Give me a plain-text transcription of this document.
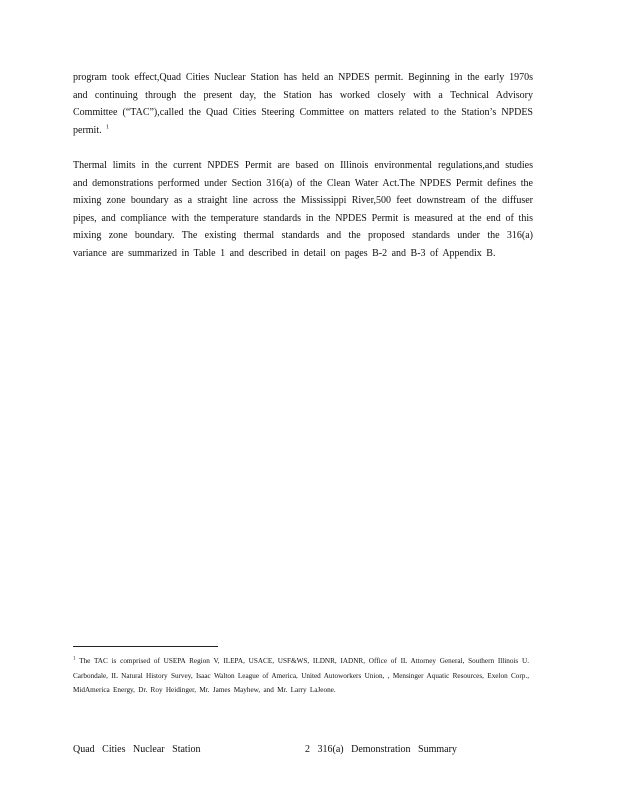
program took effect,Quad Cities Nuclear Station has held an NPDES permit. Beginning in the early 1970s and continuing through the present day, the Station has worked closely with a Technical Advisory Committee (“TAC”),called the Quad Cities Steering Committee on matters related to the Station’s NPDES permit. $^1$

Thermal limits in the current NPDES Permit are based on Illinois environmental regulations,and studies and demonstrations performed under Section 316(a) of the Clean Water Act.The NPDES Permit defines the mixing zone boundary as a straight line across the Mississippi River,500 feet downstream of the diffuser pipes, and compliance with the temperature standards in the NPDES Permit is measured at the end of this mixing zone boundary. The existing thermal standards and the proposed standards under the 316(a) variance are summarized in Table 1 and described in detail on pages B-2 and B-3 of Appendix B.

$^1$ The TAC is comprised of USEPA Region V, ILEPA, USACE, USF&WS, ILDNR, IADNR, Office of IL Attorney General, Southern Illinois U. Carbondale, IL Natural History Survey, Isaac Walton League of America, United Autoworkers Union, , Mensinger Aquatic Resources, Exelon Corp., MidAmerica Energy, Dr. Roy Heidinger, Mr. James Mayhew, and Mr. Larry LaJeone.

Quad Cities Nuclear Station	2 316(a) Demonstration Summary
